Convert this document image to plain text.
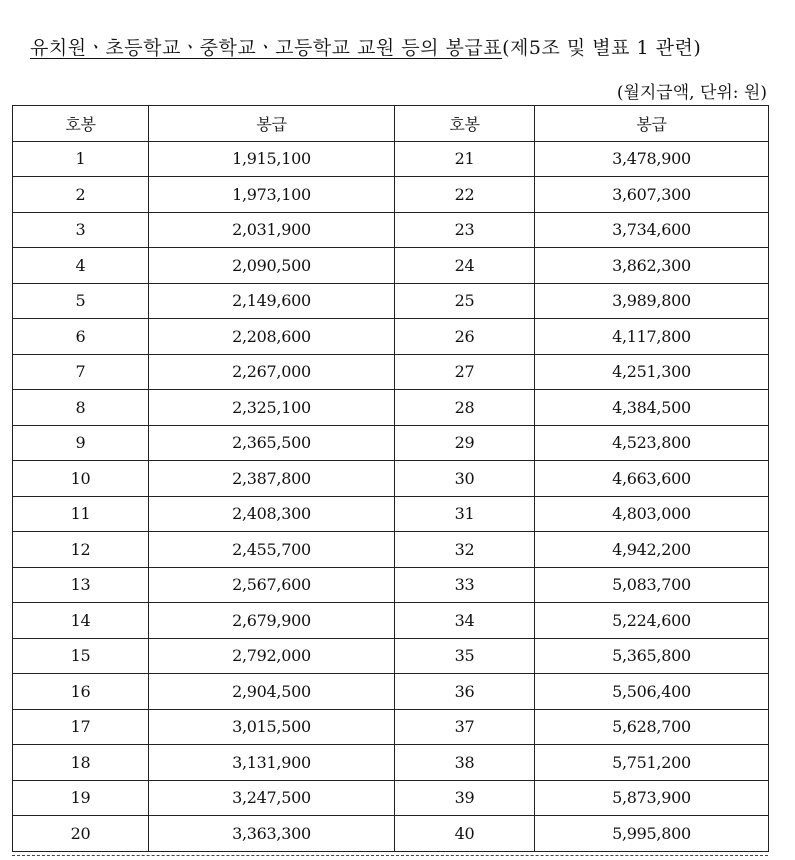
유치원ㆍ초등학교ㆍ중학교ㆍ고등학교 교원 등의 봉급표(제5조 및 별표 1 관련)
(월지급액, 단위: 원)
호봉	봉급	호봉	봉급
1	1,915,100	21	3,478,900
2	1,973,100	22	3,607,300
3	2,031,900	23	3,734,600
4	2,090,500	24	3,862,300
5	2,149,600	25	3,989,800
6	2,208,600	26	4,117,800
7	2,267,000	27	4,251,300
8	2,325,100	28	4,384,500
9	2,365,500	29	4,523,800
10	2,387,800	30	4,663,600
11	2,408,300	31	4,803,000
12	2,455,700	32	4,942,200
13	2,567,600	33	5,083,700
14	2,679,900	34	5,224,600
15	2,792,000	35	5,365,800
16	2,904,500	36	5,506,400
17	3,015,500	37	5,628,700
18	3,131,900	38	5,751,200
19	3,247,500	39	5,873,900
20	3,363,300	40	5,995,800
